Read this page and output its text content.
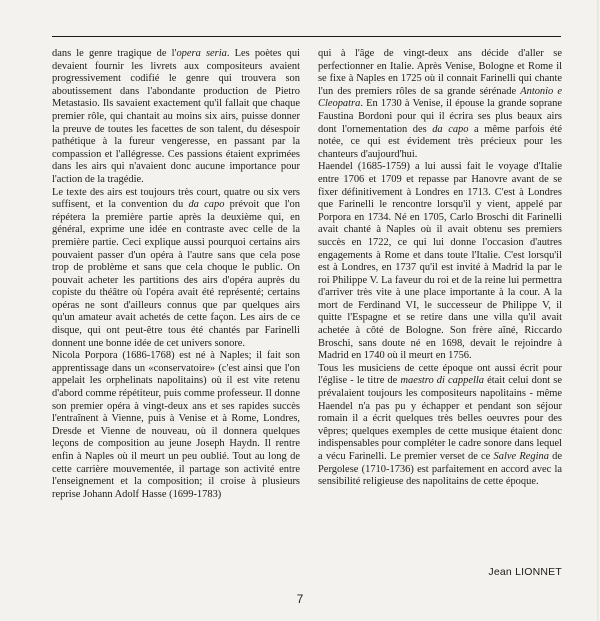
dans le genre tragique de l'opera seria. Les poètes qui devaient fournir les livrets aux compositeurs avaient progressivement codifié le genre qui trouvera son aboutissement dans l'abondante production de Pietro Metastasio. Ils savaient exactement qu'il fallait que chaque premier rôle, qui chantait au moins six airs, puisse donner la preuve de toutes les facettes de son talent, du désespoir pathétique à la fureur vengeresse, en passant par la compassion et l'allégresse. Ces passions étaient exprimées dans les airs qui n'avaient donc aucune importance pour l'action de la tragédie.

Le texte des airs est toujours très court, quatre ou six vers suffisent, et la convention du da capo prévoit que l'on répétera la première partie après la deuxième qui, en général, exprime une idée en contraste avec celle de la première partie. Ceci explique aussi pourquoi certains airs pouvaient passer d'un opéra à l'autre sans que cela pose trop de problème et sans que cela choque le public. On pouvait acheter les partitions des airs d'opéra auprès du copiste du théâtre où l'opéra avait été représenté; certains opéras ne sont d'ailleurs connus que par quelques airs qu'un amateur avait achetés de cette façon. Les airs de ce disque, qui ont peut-être tous été chantés par Farinelli donnent une bonne idée de cet univers sonore.

Nicola Porpora (1686-1768) est né à Naples; il fait son apprentissage dans un «conservatoire» (c'est ainsi que l'on appelait les orphelinats napolitains) où il est vite retenu d'abord comme répétiteur, puis comme professeur. Il donne son premier opéra à vingt-deux ans et ses rapides succès l'entraînent à Vienne, puis à Venise et à Rome, Londres, Dresde et Vienne de nouveau, où il donnera quelques leçons de composition au jeune Joseph Haydn. Il rentre enfin à Naples où il meurt un peu oublié. Tout au long de cette carrière mouvementée, il partage son activité entre l'enseignement et la composition; il croise à plusieurs reprise Johann Adolf Hasse (1699-1783)

qui à l'âge de vingt-deux ans décide d'aller se perfectionner en Italie. Après Venise, Bologne et Rome il se fixe à Naples en 1725 où il connait Farinelli qui chante l'un des premiers rôles de sa grande sérénade Antonio e Cleopatra. En 1730 à Venise, il épouse la grande soprane Faustina Bordoni pour qui il écrira ses plus beaux airs dont l'ornementation des da capo a même parfois été notée, ce qui est évidement très précieux pour les chanteurs d'aujourd'hui.

Haendel (1685-1759) a lui aussi fait le voyage d'Italie entre 1706 et 1709 et repasse par Hanovre avant de se fixer définitivement à Londres en 1713. C'est à Londres que Farinelli le rencontre lorsqu'il y vient, appelé par Porpora en 1734. Né en 1705, Carlo Broschi dit Farinelli avait chanté à Naples où il avait obtenu ses premiers succès en 1722, ce qui lui donne l'occasion d'autres engagements à Rome et dans toute l'Italie. C'est lorsqu'il est à Londres, en 1737 qu'il est invité à Madrid la par le roi Philippe V. La faveur du roi et de la reine lui permettra d'arriver très vite à une place importante à la cour. A la mort de Ferdinand VI, le successeur de Philippe V, il quitte l'Espagne et se retire dans une villa qu'il avait achetée à côté de Bologne. Son frère aîné, Riccardo Broschi, sans doute né en 1698, devait le rejoindre à Madrid en 1740 où il meurt en 1756.

Tous les musiciens de cette époque ont aussi écrit pour l'église - le titre de maestro di cappella était celui dont se prévalaient toujours les compositeurs napolitains - même Haendel n'a pas pu y échapper et pendant son séjour romain il a écrit quelques très belles oeuvres pour des vêpres; quelques exemples de cette musique étaient donc indispensables pour compléter le cadre sonore dans lequel a vécu Farinelli. Le premier verset de ce Salve Regina de Pergolese (1710-1736) est parfaitement en accord avec la sensibilité religieuse des napolitains de cette époque.

Jean LIONNET
7
